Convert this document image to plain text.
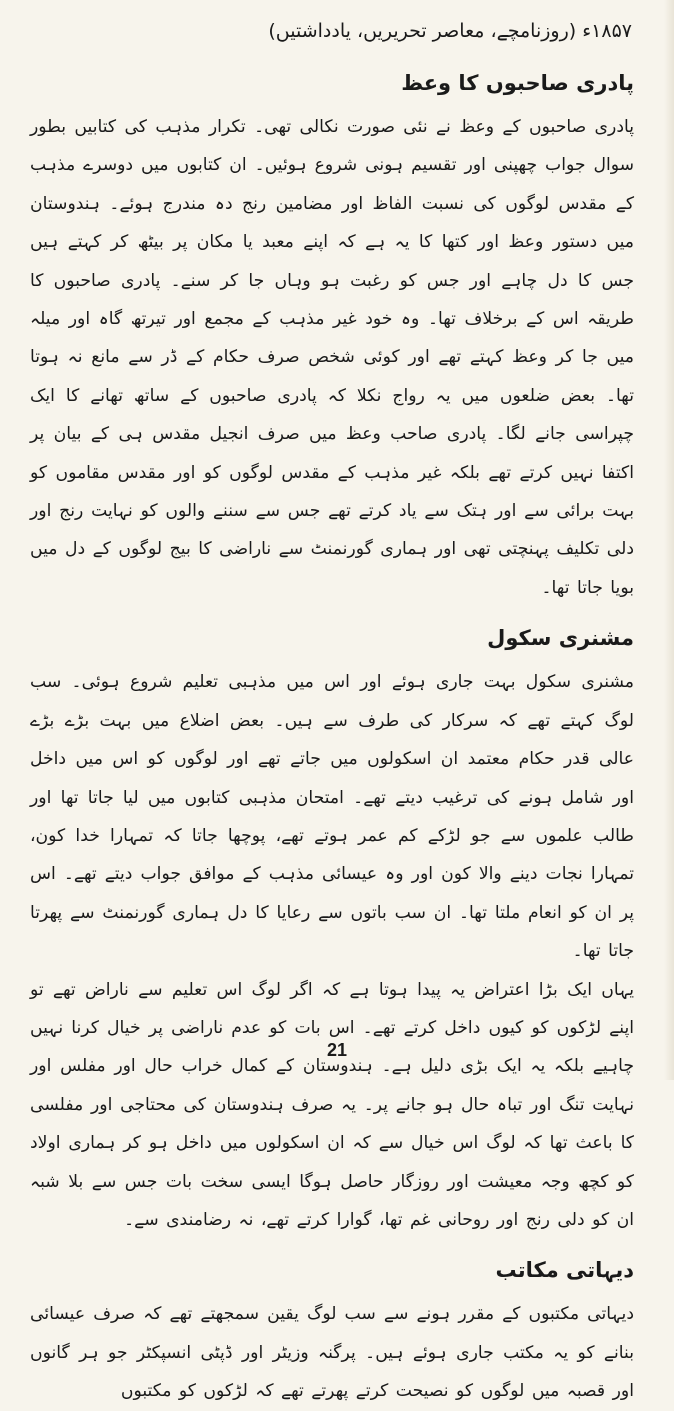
۱۸۵۷ء (روزنامچے، معاصر تحریریں، یادداشتیں)
پادری صاحبوں کا وعظ

پادری صاحبوں کے وعظ نے نئی صورت نکالی تھی۔ تکرار مذہب کی کتابیں بطور سوال جواب چھپنی اور تقسیم ہونی شروع ہوئیں۔ ان کتابوں میں دوسرے مذہب کے مقدس لوگوں کی نسبت الفاظ اور مضامین رنج دہ مندرج ہوئے۔ ہندوستان میں دستور وعظ اور کتھا کا یہ ہے کہ اپنے معبد یا مکان پر بیٹھ کر کہتے ہیں جس کا دل چاہے اور جس کو رغبت ہو وہاں جا کر سنے۔ پادری صاحبوں کا طریقہ اس کے برخلاف تھا۔ وہ خود غیر مذہب کے مجمع اور تیرتھ گاہ اور میلہ میں جا کر وعظ کہتے تھے اور کوئی شخص صرف حکام کے ڈر سے مانع نہ ہوتا تھا۔ بعض ضلعوں میں یہ رواج نکلا کہ پادری صاحبوں کے ساتھ تھانے کا ایک چپراسی جانے لگا۔ پادری صاحب وعظ میں صرف انجیل مقدس ہی کے بیان پر اکتفا نہیں کرتے تھے بلکہ غیر مذہب کے مقدس لوگوں کو اور مقدس مقاموں کو بہت برائی سے اور ہتک سے یاد کرتے تھے جس سے سننے والوں کو نہایت رنج اور دلی تکلیف پہنچتی تھی اور ہماری گورنمنٹ سے ناراضی کا بیج لوگوں کے دل میں بویا جاتا تھا۔

مشنری سکول

مشنری سکول بہت جاری ہوئے اور اس میں مذہبی تعلیم شروع ہوئی۔ سب لوگ کہتے تھے کہ سرکار کی طرف سے ہیں۔ بعض اضلاع میں بہت بڑے بڑے عالی قدر حکام معتمد ان اسکولوں میں جاتے تھے اور لوگوں کو اس میں داخل اور شامل ہونے کی ترغیب دیتے تھے۔ امتحان مذہبی کتابوں میں لیا جاتا تھا اور طالب علموں سے جو لڑکے کم عمر ہوتے تھے، پوچھا جاتا کہ تمہارا خدا کون، تمہارا نجات دینے والا کون اور وہ عیسائی مذہب کے موافق جواب دیتے تھے۔ اس پر ان کو انعام ملتا تھا۔ ان سب باتوں سے رعایا کا دل ہماری گورنمنٹ سے پھرتا جاتا تھا۔

یہاں ایک بڑا اعتراض یہ پیدا ہوتا ہے کہ اگر لوگ اس تعلیم سے ناراض تھے تو اپنے لڑکوں کو کیوں داخل کرتے تھے۔ اس بات کو عدم ناراضی پر خیال کرنا نہیں چاہیے بلکہ یہ ایک بڑی دلیل ہے۔ ہندوستان کے کمال خراب حال اور مفلس اور نہایت تنگ اور تباہ حال ہو جانے پر۔ یہ صرف ہندوستان کی محتاجی اور مفلسی کا باعث تھا کہ لوگ اس خیال سے کہ ان اسکولوں میں داخل ہو کر ہماری اولاد کو کچھ وجہ معیشت اور روزگار حاصل ہوگا ایسی سخت بات جس سے بلا شبہ ان کو دلی رنج اور روحانی غم تھا، گوارا کرتے تھے، نہ رضامندی سے۔

دیہاتی مکاتب

دیہاتی مکتبوں کے مقرر ہونے سے سب لوگ یقین سمجھتے تھے کہ صرف عیسائی بنانے کو یہ مکتب جاری ہوئے ہیں۔ پرگنہ وزیٹر اور ڈپٹی انسپکٹر جو ہر گانوں اور قصبہ میں لوگوں کو نصیحت کرتے پھرتے تھے کہ لڑکوں کو مکتبوں

21
